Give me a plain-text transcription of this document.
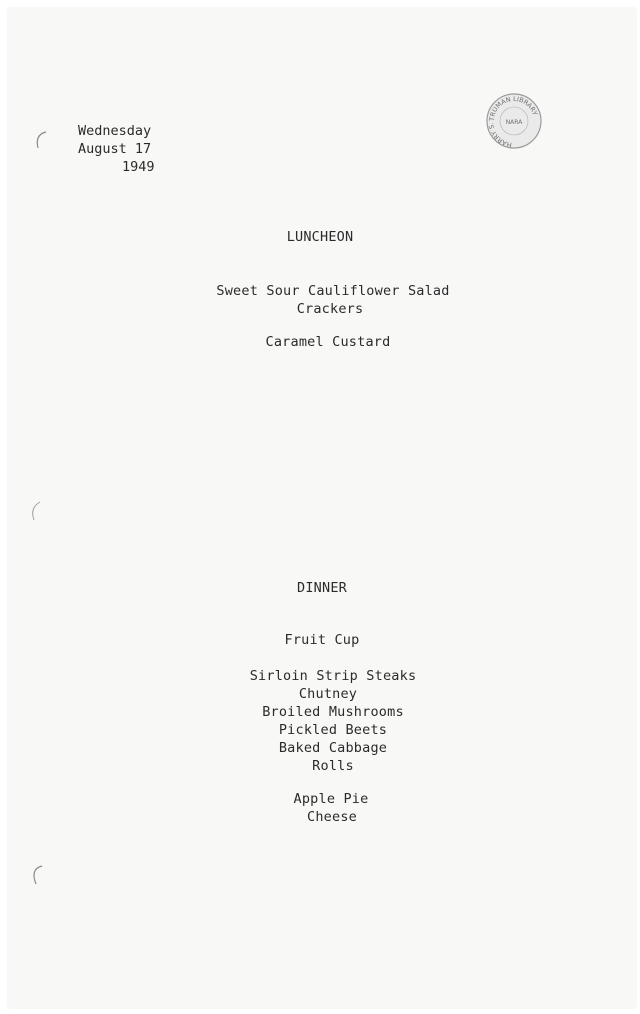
Wednesday
August 17
1949
TRUMAN LIBRARY
HARRY S.	NARA
LUNCHEON
Sweet Sour Cauliflower Salad
Crackers
Caramel Custard
DINNER
Fruit Cup
Sirloin Strip Steaks
Chutney
Broiled Mushrooms
Pickled Beets
Baked Cabbage
Rolls
Apple Pie
Cheese
